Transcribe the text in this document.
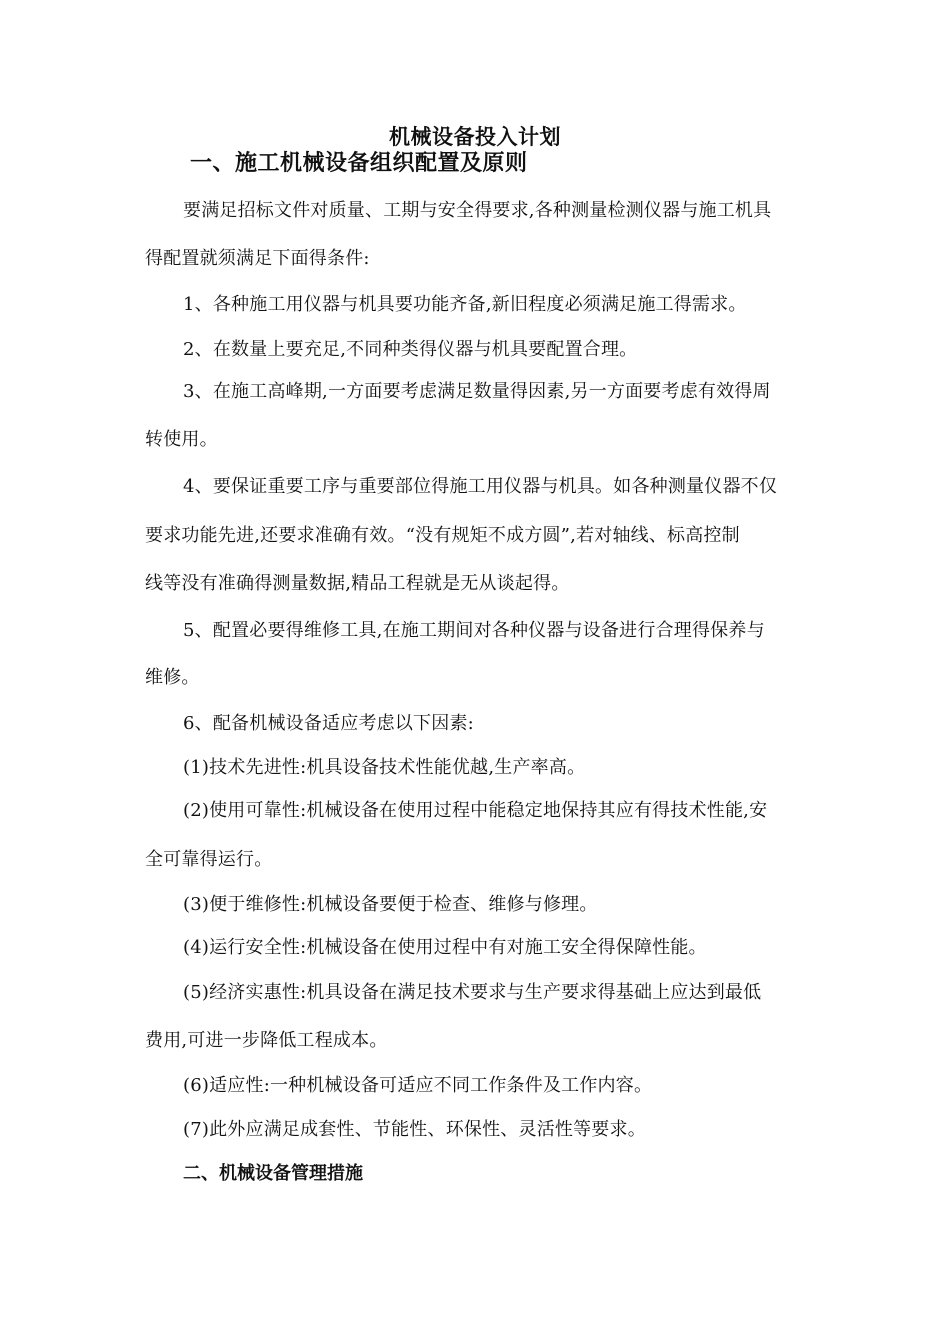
机械设备投入计划
一、施工机械设备组织配置及原则
要满足招标文件对质量、工期与安全得要求,各种测量检测仪器与施工机具
得配置就须满足下面得条件:
1、各种施工用仪器与机具要功能齐备,新旧程度必须满足施工得需求。
2、在数量上要充足,不同种类得仪器与机具要配置合理。
3、在施工高峰期,一方面要考虑满足数量得因素,另一方面要考虑有效得周
转使用。
4、要保证重要工序与重要部位得施工用仪器与机具。如各种测量仪器不仅
要求功能先进,还要求准确有效。“没有规矩不成方圆”,若对轴线、标高控制
线等没有准确得测量数据,精品工程就是无从谈起得。
5、配置必要得维修工具,在施工期间对各种仪器与设备进行合理得保养与
维修。
6、配备机械设备适应考虑以下因素:
(1)技术先进性:机具设备技术性能优越,生产率高。
(2)使用可靠性:机械设备在使用过程中能稳定地保持其应有得技术性能,安
全可靠得运行。
(3)便于维修性:机械设备要便于检查、维修与修理。
(4)运行安全性:机械设备在使用过程中有对施工安全得保障性能。
(5)经济实惠性:机具设备在满足技术要求与生产要求得基础上应达到最低
费用,可进一步降低工程成本。
(6)适应性:一种机械设备可适应不同工作条件及工作内容。
(7)此外应满足成套性、节能性、环保性、灵活性等要求。
二、机械设备管理措施
